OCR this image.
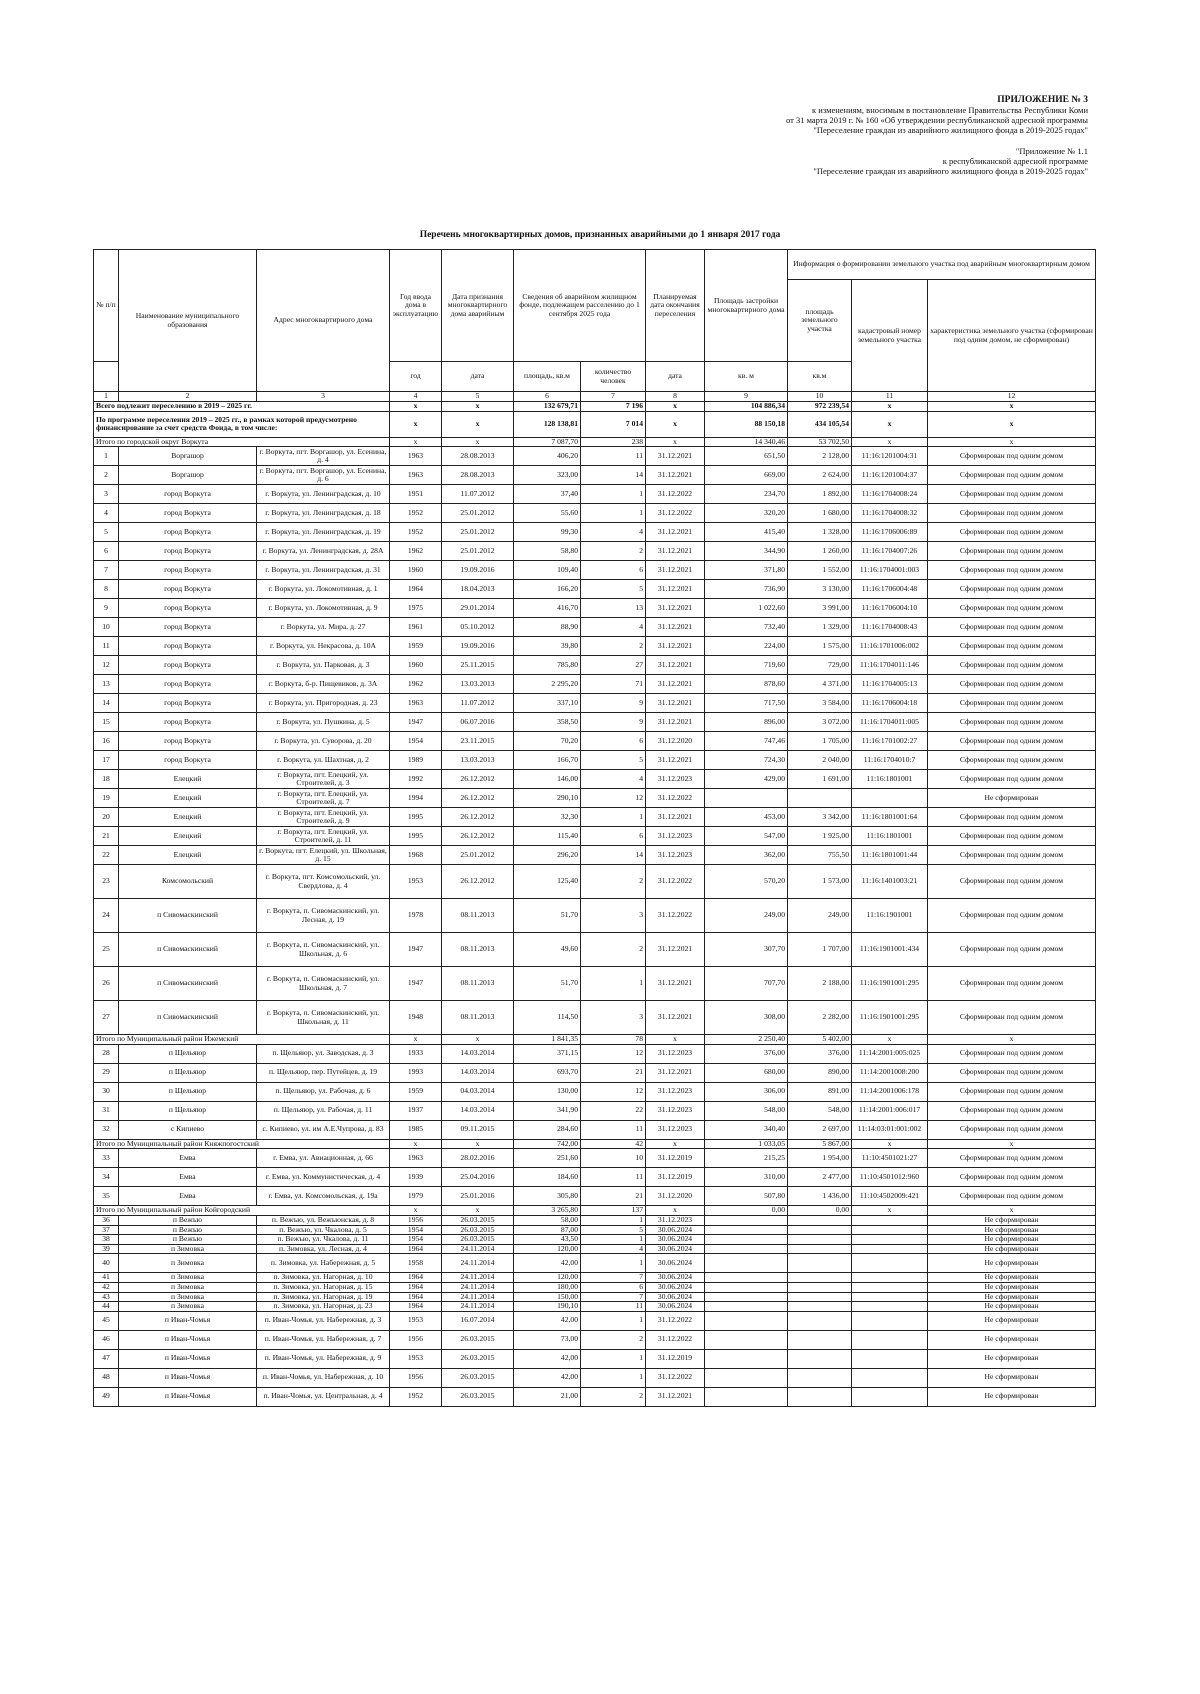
ПРИЛОЖЕНИЕ № 3
к изменениям, вносимым в постановление Правительства Республики Коми
от 31 марта 2019 г. № 160 «Об утверждении республиканской адресной программы
"Переселение граждан из аварийного жилищного фонда в 2019-2025 годах"
"Приложение № 1.1
к республиканской адресной программе
"Переселение граждан из аварийного жилищного фонда в 2019-2025 годах"
Перечень многоквартирных домов, признанных аварийными до 1 января 2017 года
№ п/п	Наименование муниципального образования	Адрес многоквартирного дома	Год ввода дома в эксплуатацию	Дата признания многоквартирного дома аварийным	Сведения об аварийном жилищном фонде, подлежащем расселению до 1 сентября 2025 года		Планируемая дата окончания переселения	Площадь застройки многоквартирного дома	Информация о формировании земельного участка под аварийным многоквартирным домом		
									площадь земельного участка	кадастровый номер земельного участка	характеристика земельного участка (сформирован под одним домом, не сформирован)
			год	дата	площадь, кв.м	количество человек	дата	кв. м	кв.м		
1	2	3	4	5	6	7	8	9	10	11	12
Всего подлежит переселению в 2019 – 2025 гг.			x	x	132 679,71	7 196	x	104 886,34	972 239,54	x	x
По программе переселения 2019 – 2025 гг., в рамках которой предусмотрено финансирование за счет средств Фонда, в том числе:			x	x	128 138,81	7 014	x	88 150,18	434 105,54	x	x
Итого по городской округ Воркута			x	x	7 087,70	238	x	14 340,46	53 702,50	x	x
1	Воргашор	г. Воркута, пгт. Воргашор, ул. Есенина, д. 4	1963	28.08.2013	406,20	11	31.12.2021	651,50	2 128,00	11:16:1201004:31	Сформирован под одним домом
2	Воргашор	г. Воркута, пгт. Воргашор, ул. Есенина, д. 6	1963	28.08.2013	323,00	14	31.12.2021	669,00	2 624,00	11:16:1201004:37	Сформирован под одним домом
3	город Воркута	г. Воркута, ул. Ленинградская, д. 10	1951	11.07.2012	37,40	1	31.12.2022	234,70	1 892,00	11:16:1704008:24	Сформирован под одним домом
4	город Воркута	г. Воркута, ул. Ленинградская, д. 18	1952	25.01.2012	55,60	1	31.12.2022	320,20	1 680,00	11:16:1704008:32	Сформирован под одним домом
5	город Воркута	г. Воркута, ул. Ленинградская, д. 19	1952	25.01.2012	99,30	4	31.12.2021	415,40	1 328,00	11:16:1706006:89	Сформирован под одним домом
6	город Воркута	г. Воркута, ул. Ленинградская, д. 28А	1962	25.01.2012	58,80	2	31.12.2021	344,90	1 260,00	11:16:1704007:26	Сформирован под одним домом
7	город Воркута	г. Воркута, ул. Ленинградская, д. 31	1960	19.09.2016	109,40	6	31.12.2021	371,80	1 552,00	11:16:1704001:003	Сформирован под одним домом
8	город Воркута	г. Воркута, ул. Локомотивная, д. 1	1964	18.04.2013	166,20	5	31.12.2021	736,90	3 130,00	11:16:1706004:48	Сформирован под одним домом
9	город Воркута	г. Воркута, ул. Локомотивная, д. 9	1975	29.01.2014	416,70	13	31.12.2021	1 022,60	3 991,00	11:16:1706004:10	Сформирован под одним домом
10	город Воркута	г. Воркута, ул. Мира, д. 27	1961	05.10.2012	88,90	4	31.12.2021	732,40	1 329,00	11:16:1704008:43	Сформирован под одним домом
11	город Воркута	г. Воркута, ул. Некрасова, д. 10А	1959	19.09.2016	39,80	2	31.12.2021	224,00	1 575,00	11:16:1701006:002	Сформирован под одним домом
12	город Воркута	г. Воркута, ул. Парковая, д. 3	1960	25.11.2015	785,80	27	31.12.2021	719,60	729,00	11:16:1704011:146	Сформирован под одним домом
13	город Воркута	г. Воркута, б-р. Пищевиков, д. 3А	1962	13.03.2013	2 295,20	71	31.12.2021	878,60	4 371,00	11:16:1704005:13	Сформирован под одним домом
14	город Воркута	г. Воркута, ул. Пригородная, д. 23	1963	11.07.2012	337,10	9	31.12.2021	717,50	3 584,00	11:16:1706004:18	Сформирован под одним домом
15	город Воркута	г. Воркута, ул. Пушкина, д. 5	1947	06.07.2016	358,50	9	31.12.2021	896,00	3 072,00	11:16:1704011:005	Сформирован под одним домом
16	город Воркута	г. Воркута, ул. Суворова, д. 20	1954	23.11.2015	70,20	6	31.12.2020	747,46	1 705,00	11:16:1701002:27	Сформирован под одним домом
17	город Воркута	г. Воркута, ул. Шахтная, д. 2	1989	13.03.2013	166,70	5	31.12.2021	724,30	2 040,00	11:16:1704010:7	Сформирован под одним домом
18	Елецкий	г. Воркута, пгт. Елецкий, ул. Строителей, д. 3	1992	26.12.2012	146,00	4	31.12.2023	429,00	1 691,00	11:16:1801001	Сформирован под одним домом
19	Елецкий	г. Воркута, пгт. Елецкий, ул. Строителей, д. 7	1994	26.12.2012	290,10	12	31.12.2022				Не сформирован
20	Елецкий	г. Воркута, пгт. Елецкий, ул. Строителей, д. 9	1995	26.12.2012	32,30	1	31.12.2021	453,00	3 342,00	11:16:1801001:64	Сформирован под одним домом
21	Елецкий	г. Воркута, пгт. Елецкий, ул. Строителей, д. 11	1995	26.12.2012	115,40	6	31.12.2023	547,00	1 925,00	11:16:1801001	Сформирован под одним домом
22	Елецкий	г. Воркута, пгт. Елецкий, ул. Школьная, д. 15	1968	25.01.2012	296,20	14	31.12.2023	362,00	755,50	11:16:1801001:44	Сформирован под одним домом
23	Комсомольский	г. Воркута, пгт. Комсомольский, ул. Свердлова, д. 4	1953	26.12.2012	125,40	2	31.12.2022	570,20	1 573,00	11:16:1401003:21	Сформирован под одним домом
24	п Сивомаскинский	г. Воркута, п. Сивомаскинский, ул. Лесная, д. 19	1978	08.11.2013	51,70	3	31.12.2022	249,00	249,00	11:16:1901001	Сформирован под одним домом
25	п Сивомаскинский	г. Воркута, п. Сивомаскинский, ул. Школьная, д. 6	1947	08.11.2013	49,60	2	31.12.2021	307,70	1 707,00	11:16:1901001:434	Сформирован под одним домом
26	п Сивомаскинский	г. Воркута, п. Сивомаскинский, ул. Школьная, д. 7	1947	08.11.2013	51,70	1	31.12.2021	707,70	2 188,00	11:16:1901001:295	Сформирован под одним домом
27	п Сивомаскинский	г. Воркута, п. Сивомаскинский, ул. Школьная, д. 11	1948	08.11.2013	114,50	3	31.12.2021	308,00	2 282,00	11:16:1901001:295	Сформирован под одним домом
Итого по Муниципальный район Ижемский			x	x	1 841,35	78	x	2 250,40	5 402,00	x	x
28	п Щельяюр	п. Щельяюр, ул. Заводская, д. 3	1933	14.03.2014	371,15	12	31.12.2023	376,00	376,00	11:14:2001:005:025	Сформирован под одним домом
29	п Щельяюр	п. Щельяюр, пер. Путейцев, д. 19	1993	14.03.2014	693,70	21	31.12.2021	680,00	890,00	11:14:2001008:200	Сформирован под одним домом
30	п Щельяюр	п. Щельяюр, ул. Рабочая, д. 6	1959	04.03.2014	130,00	12	31.12.2023	306,00	891,00	11:14:2001006:178	Сформирован под одним домом
31	п Щельяюр	п. Щельяюр, ул. Рабочая, д. 11	1937	14.03.2014	341,90	22	31.12.2023	548,00	548,00	11:14:2001:006:017	Сформирован под одним домом
32	с Кипиево	с. Кипиево, ул. им А.Е.Чупрова, д. 83	1985	09.11.2015	284,60	11	31.12.2023	340,40	2 697,00	11:14:03:01:001:002	Сформирован под одним домом
Итого по Муниципальный район Княжпогостский			x	x	742,00	42	x	1 033,05	5 867,00	x	x
33	Емва	г. Емва, ул. Авиационная, д. 66	1963	28.02.2016	251,60	10	31.12.2019	215,25	1 954,00	11:10:4501021:27	Сформирован под одним домом
34	Емва	г. Емва, ул. Коммунистическая, д. 4	1939	25.04.2016	184,60	11	31.12.2019	310,00	2 477,00	11:10:4501012:960	Сформирован под одним домом
35	Емва	г. Емва, ул. Комсомольская, д. 19а	1979	25.01.2016	305,80	21	31.12.2020	507,80	1 436,00	11:10:4502009:421	Сформирован под одним домом
Итого по Муниципальный район Койгородский			x	x	3 265,80	137	x	0,00	0,00	x	x
36	п Вежъю	п. Вежъю, ул. Вежъюнская, д. 8	1956	26.03.2015	58,00	1	31.12.2023				Не сформирован
37	п Вежъю	п. Вежъю, ул. Чкалова, д. 5	1954	26.03.2015	87,00	5	30.06.2024				Не сформирован
38	п Вежъю	п. Вежъю, ул. Чкалова, д. 11	1954	26.03.2015	43,50	1	30.06.2024				Не сформирован
39	п Зимовка	п. Зимовка, ул. Лесная, д. 4	1964	24.11.2014	120,00	4	30.06.2024				Не сформирован
40	п Зимовка	п. Зимовка, ул. Набережная, д. 5	1958	24.11.2014	42,00	1	30.06.2024				Не сформирован
41	п Зимовка	п. Зимовка, ул. Нагорная, д. 10	1964	24.11.2014	120,00	7	30.06.2024				Не сформирован
42	п Зимовка	п. Зимовка, ул. Нагорная, д. 15	1964	24.11.2014	180,00	6	30.06.2024				Не сформирован
43	п Зимовка	п. Зимовка, ул. Нагорная, д. 19	1964	24.11.2014	150,00	7	30.06.2024				Не сформирован
44	п Зимовка	п. Зимовка, ул. Нагорная, д. 23	1964	24.11.2014	190,10	11	30.06.2024				Не сформирован
45	п Иван-Чомья	п. Иван-Чомья, ул. Набережная, д. 3	1953	16.07.2014	42,00	1	31.12.2022				Не сформирован
46	п Иван-Чомья	п. Иван-Чомья, ул. Набережная, д. 7	1956	26.03.2015	73,00	2	31.12.2022				Не сформирован
47	п Иван-Чомья	п. Иван-Чомья, ул. Набережная, д. 9	1953	26.03.2015	42,00	1	31.12.2019				Не сформирован
48	п Иван-Чомья	п. Иван-Чомья, ул. Набережная, д. 10	1956	26.03.2015	42,00	1	31.12.2022				Не сформирован
49	п Иван-Чомья	п. Иван-Чомья, ул. Центральная, д. 4	1952	26.03.2015	21,00	2	31.12.2021				Не сформирован
